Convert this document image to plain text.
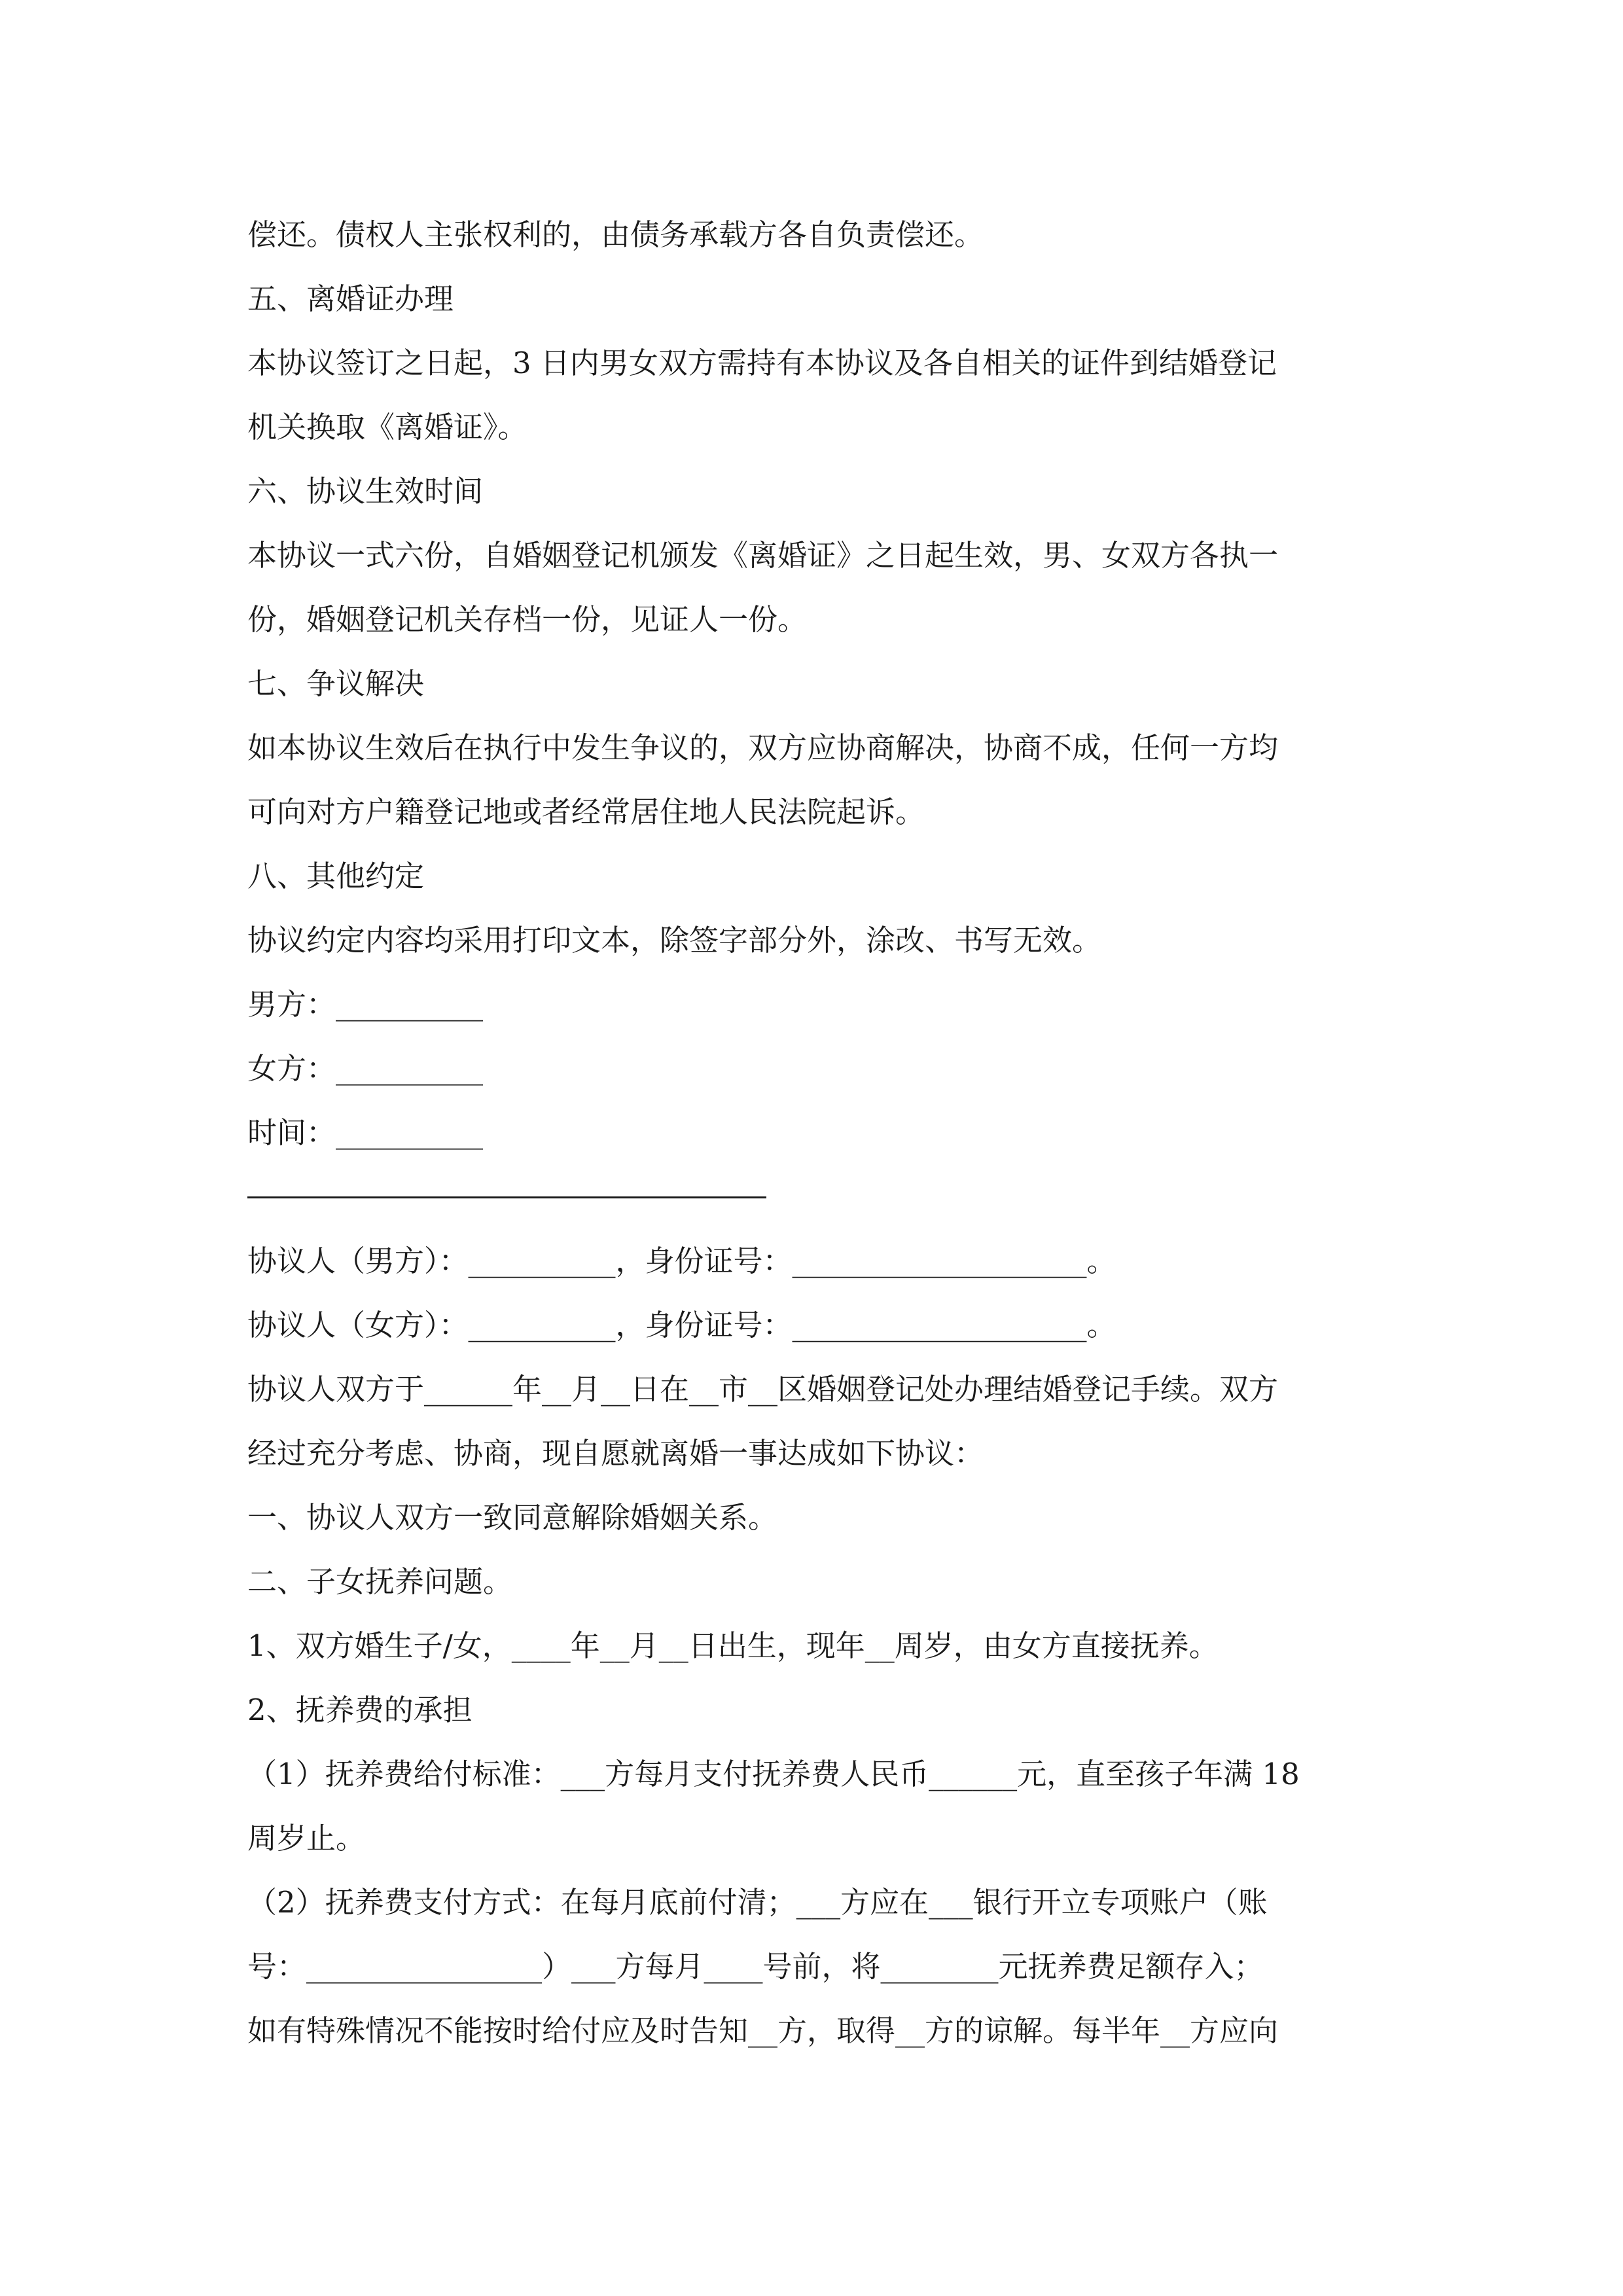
偿还。债权人主张权利的，由债务承载方各自负责偿还。
五、离婚证办理
本协议签订之日起，3 日内男女双方需持有本协议及各自相关的证件到结婚登记
机关换取《离婚证》。
六、协议生效时间
本协议一式六份，自婚姻登记机颁发《离婚证》之日起生效，男、女双方各执一
份，婚姻登记机关存档一份，见证人一份。
七、争议解决
如本协议生效后在执行中发生争议的，双方应协商解决，协商不成，任何一方均
可向对方户籍登记地或者经常居住地人民法院起诉。
八、其他约定
协议约定内容均采用打印文本，除签字部分外，涂改、书写无效。
男方：__________
女方：__________
时间：__________
协议人（男方）：__________，身份证号：____________________。
协议人（女方）：__________，身份证号：____________________。
协议人双方于______年__月__日在__市__区婚姻登记处办理结婚登记手续。双方
经过充分考虑、协商，现自愿就离婚一事达成如下协议：
一、协议人双方一致同意解除婚姻关系。
二、子女抚养问题。
1、双方婚生子/女，____年__月__日出生，现年__周岁，由女方直接抚养。
2、抚养费的承担
（1）抚养费给付标准：___方每月支付抚养费人民币______元，直至孩子年满 18
周岁止。
（2）抚养费支付方式：在每月底前付清；___方应在___银行开立专项账户（账
号：________________）___方每月____号前，将________元抚养费足额存入；
如有特殊情况不能按时给付应及时告知__方，取得__方的谅解。每半年__方应向
